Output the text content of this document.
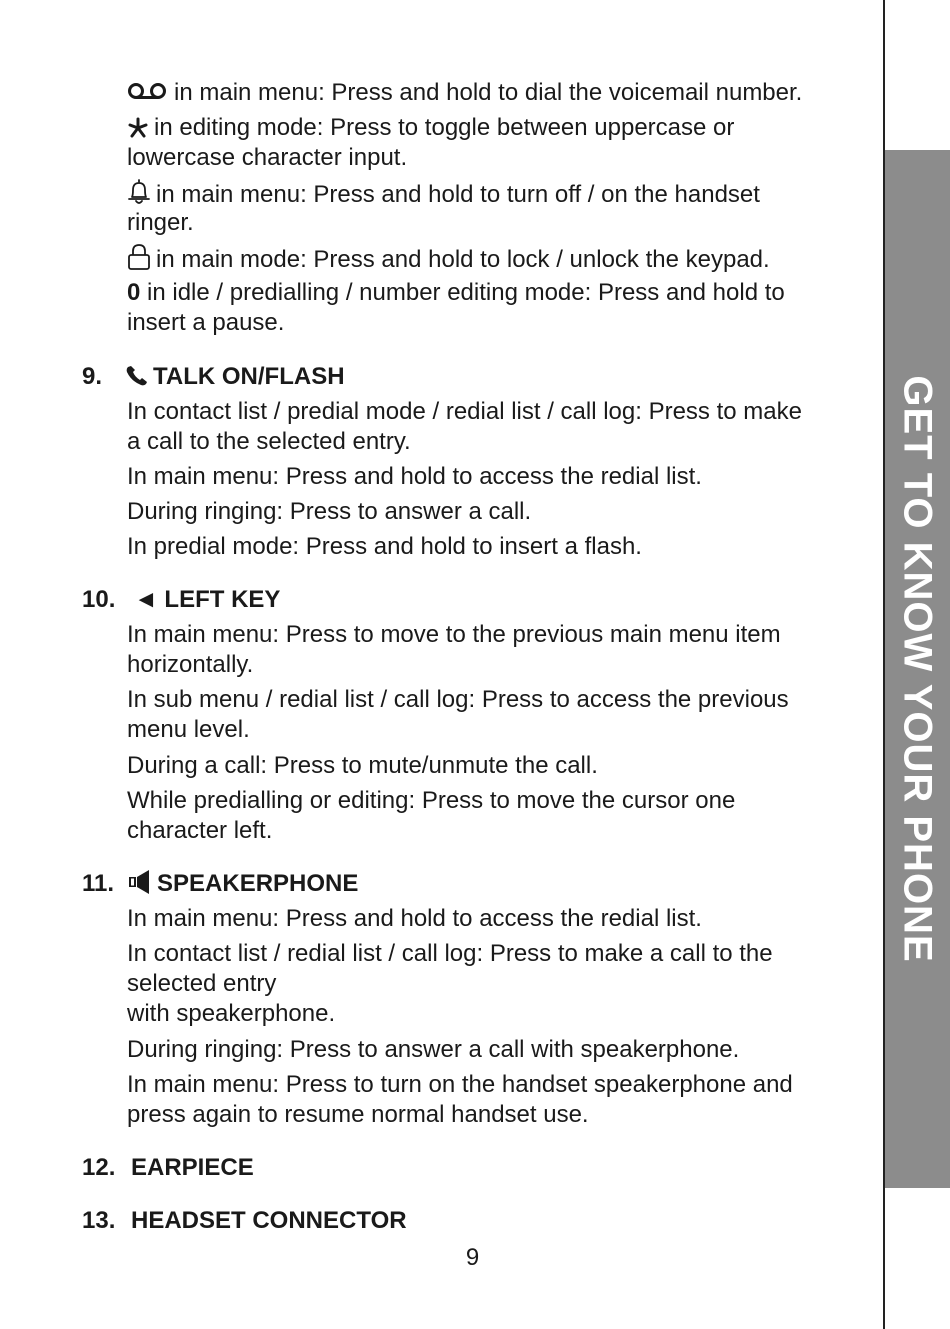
in main menu: Press and hold to dial the voicemail number.
in editing mode: Press to toggle between uppercase or
lowercase character input.
in main menu: Press and hold to turn off / on the handset
ringer.
in main mode: Press and hold to lock / unlock the keypad.
0 in idle / predialling / number editing mode: Press and hold to
insert a pause.
9.	TALK ON/FLASH
In contact list / predial mode / redial list / call log: Press to make
a call to the selected entry.
In main menu: Press and hold to access the redial list.
During ringing: Press to answer a call.
In predial mode: Press and hold to insert a flash.
10. ◄ LEFT KEY
In main menu: Press to move to the previous main menu item
horizontally.
In sub menu / redial list / call log: Press to access the previous
menu level.
During a call: Press to mute/unmute the call.
While predialling or editing: Press to move the cursor one
character left.
11.	SPEAKERPHONE
In main menu: Press and hold to access the redial list.
In contact list / redial list / call log: Press to make a call to the
selected entry
with speakerphone.
During ringing: Press to answer a call with speakerphone.
In main menu: Press to turn on the handset speakerphone and
press again to resume normal handset use.
12. EARPIECE
13. HEADSET CONNECTOR
9
GET TO KNOW YOUR PHONE
